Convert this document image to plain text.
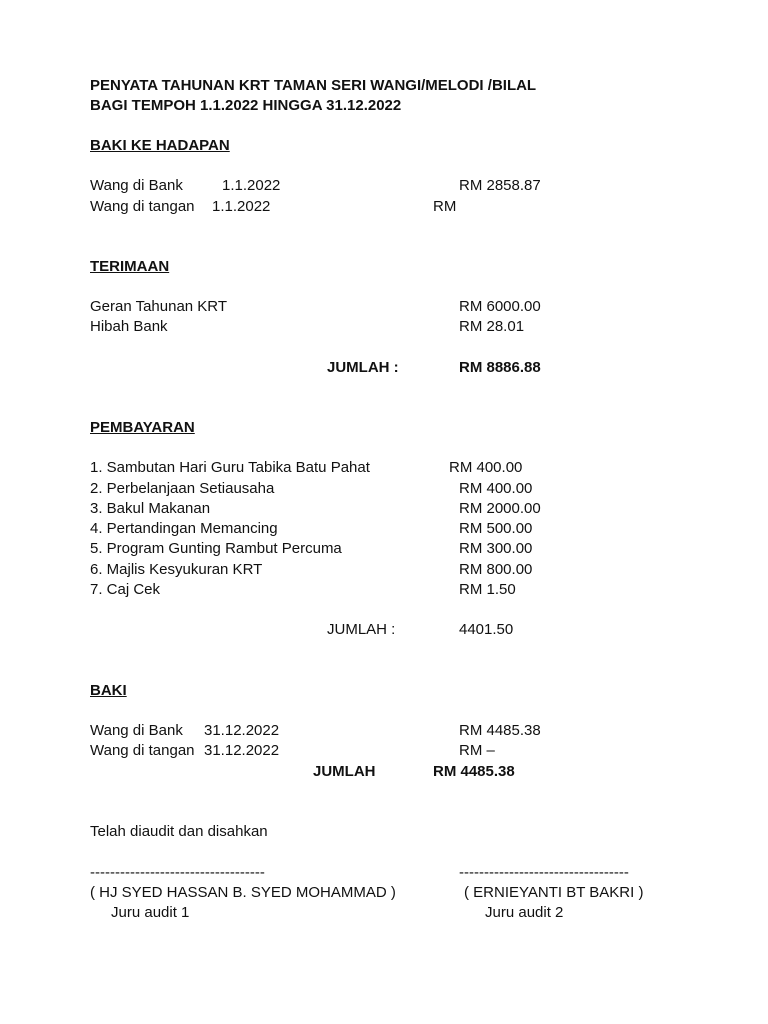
PENYATA TAHUNAN KRT TAMAN SERI WANGI/MELODI /BILAL
BAGI TEMPOH 1.1.2022 HINGGA 31.12.2022
BAKI KE HADAPAN
Wang di Bank	1.1.2022	RM 2858.87
Wang di tangan 1.1.2022	RM
TERIMAAN
Geran Tahunan KRT	RM 6000.00
Hibah Bank	RM 28.01
JUMLAH :	RM 8886.88
PEMBAYARAN
1. Sambutan Hari Guru Tabika Batu Pahat	RM 400.00
2. Perbelanjaan Setiausaha	RM 400.00
3. Bakul Makanan	RM 2000.00
4. Pertandingan Memancing	RM 500.00
5. Program Gunting Rambut Percuma	RM 300.00
6. Majlis Kesyukuran KRT	RM 800.00
7. Caj Cek	RM 1.50
JUMLAH :	4401.50
BAKI
Wang di Bank 31.12.2022	RM 4485.38
Wang di tangan 31.12.2022	RM –
JUMLAH	RM 4485.38
Telah diaudit dan disahkan
-----------------------------------	----------------------------------
( HJ SYED HASSAN B. SYED MOHAMMAD )	( ERNIEYANTI BT BAKRI )
Juru audit 1	Juru audit 2
